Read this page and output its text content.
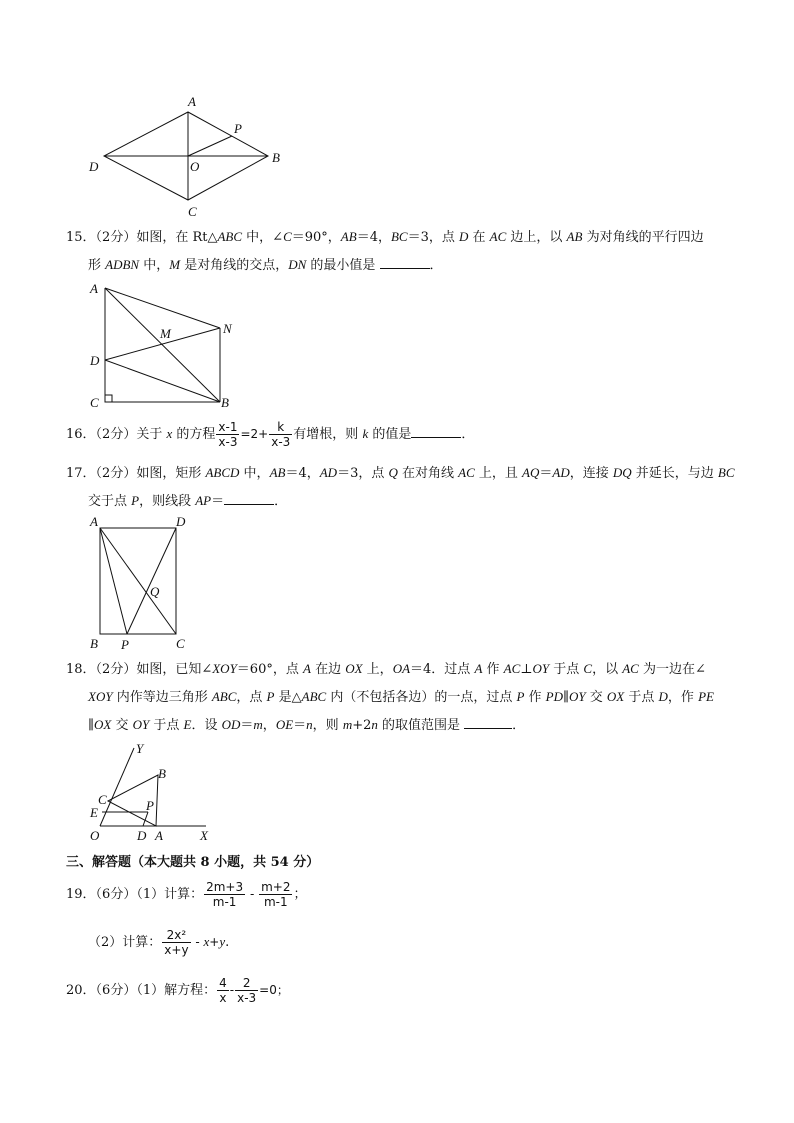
A
P
D	O
B
C
15．（2分）如图，在 Rt△ABC 中，∠C＝90°，AB＝4，BC＝3，点 D 在 AC 边上，以 AB 为对角线的平行四边
形 ADBN 中，M 是对角线的交点，DN 的最小值是	．
A
M	N
D
C	B
16．（2分）关于 x 的方程 $\frac{x-1}{x-3} =2+ \frac{k}{x-3}$ 有增根，则 k 的值是	．
17．（2分）如图，矩形 ABCD 中，AB＝4，AD＝3，点 Q 在对角线 AC 上，且 AQ＝AD，连接 DQ 并延长，与边 BC
交于点 P，则线段 AP＝	．
A	D
Q
B P	C
18．（2分）如图，已知∠XOY＝60°，点 A 在边 OX 上，OA＝4．过点 A 作 AC⊥OY 于点 C，以 AC 为一边在∠
XOY 内作等边三角形 ABC，点 P 是△ABC 内（不包括各边）的一点，过点 P 作 PD∥OY 交 OX 于点 D，作 PE
∥OX 交 OY 于点 E．设 OD＝m，OE＝n，则 m+2n 的取值范围是	．
Y
B
C	P
E
O	D A	X
三、解答题（本大题共 8 小题，共 54 分）
19．（6分）（1）计算： $\frac{2m+3}{m-1} - \frac{m+2}{m-1}$ ；
（2）计算： $\frac{\text{2x²}}{x+y} - x+y$.
20．（6分）（1）解方程： $\frac{4}{x} - \frac{2}{x-3} =0$；
